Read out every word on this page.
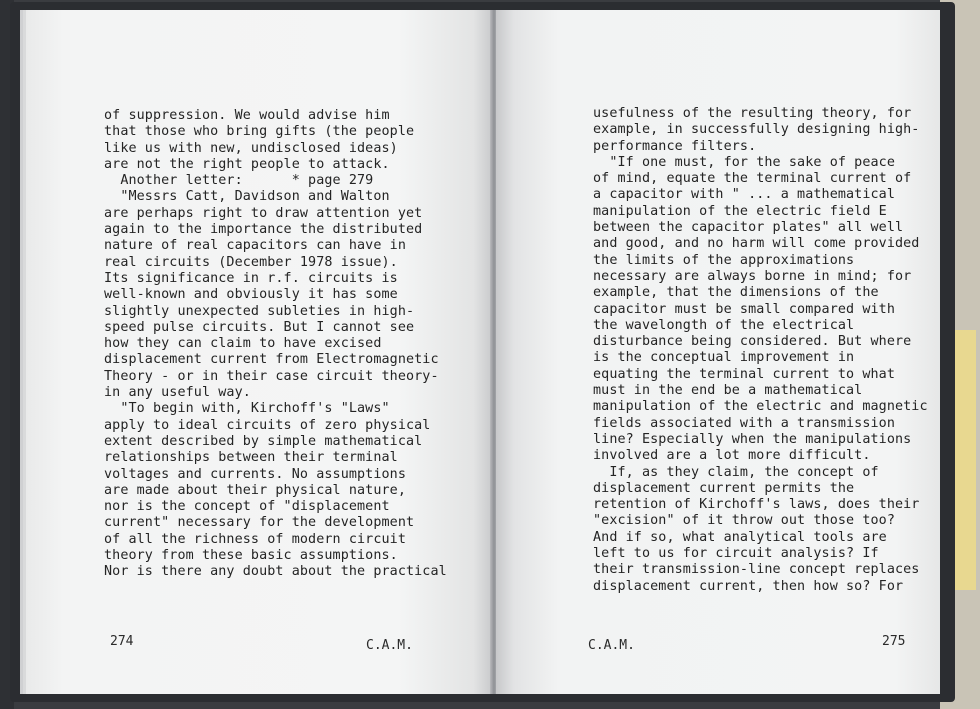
of suppression. We would advise him
that those who bring gifts (the people
like us with new, undisclosed ideas)
are not the right people to attack.
Another letter:      * page 279
"Messrs Catt, Davidson and Walton
are perhaps right to draw attention yet
again to the importance the distributed
nature of real capacitors can have in
real circuits (December 1978 issue).
Its significance in r.f. circuits is
well-known and obviously it has some
slightly unexpected subleties in high-
speed pulse circuits. But I cannot see
how they can claim to have excised
displacement current from Electromagnetic
Theory - or in their case circuit theory-
in any useful way.
"To begin with, Kirchoff's "Laws"
apply to ideal circuits of zero physical
extent described by simple mathematical
relationships between their terminal
voltages and currents. No assumptions
are made about their physical nature,
nor is the concept of "displacement
current" necessary for the development
of all the richness of modern circuit
theory from these basic assumptions.
Nor is there any doubt about the practical
274	C.A.M.
usefulness of the resulting theory, for
example, in successfully designing high-
performance filters.
"If one must, for the sake of peace
of mind, equate the terminal current of
a capacitor with " ... a mathematical
manipulation of the electric field E
between the capacitor plates" all well
and good, and no harm will come provided
the limits of the approximations
necessary are always borne in mind; for
example, that the dimensions of the
capacitor must be small compared with
the wavelongth of the electrical
disturbance being considered. But where
is the conceptual improvement in
equating the terminal current to what
must in the end be a mathematical
manipulation of the electric and magnetic
fields associated with a transmission
line? Especially when the manipulations
involved are a lot more difficult.
If, as they claim, the concept of
displacement current permits the
retention of Kirchoff's laws, does their
"excision" of it throw out those too?
And if so, what analytical tools are
left to us for circuit analysis? If
their transmission-line concept replaces
displacement current, then how so? For
C.A.M.	275
